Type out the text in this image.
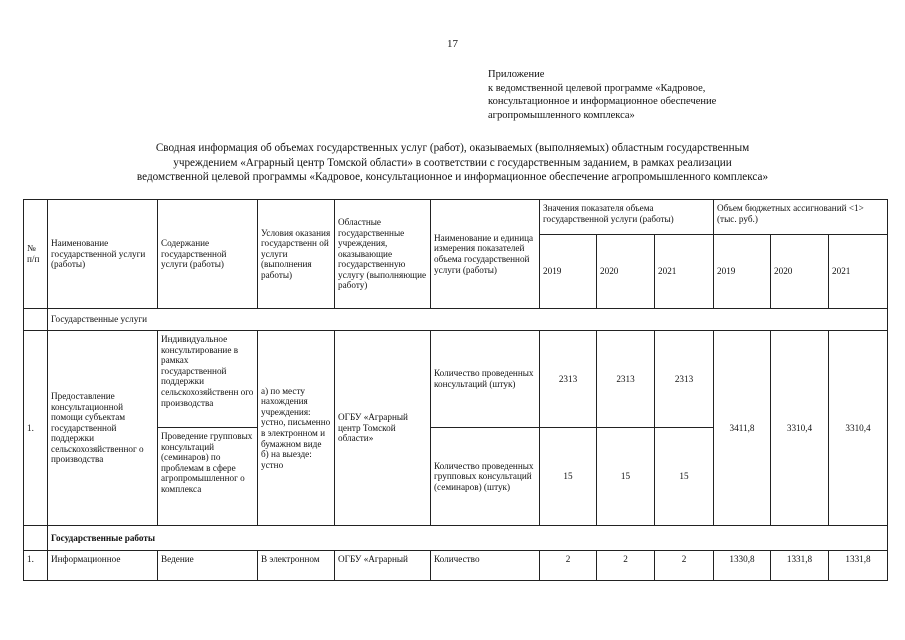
17
Приложение
к ведомственной целевой программе «Кадровое,
консультационное и информационное обеспечение
агропромышленного комплекса»
Сводная информация об объемах государственных услуг (работ), оказываемых (выполняемых) областным государственным
учреждением «Аграрный центр Томской области» в соответствии с государственным заданием, в рамках реализации
ведомственной целевой программы «Кадровое, консультационное и информационное обеспечение агропромышленного комплекса»
№ п/п	Наименование государственной услуги (работы)	Содержание государственной услуги (работы)	Условия оказания государственн ой услуги (выполнения работы)	Областные государственные учреждения, оказывающие государственную услугу (выполняющие работу)	Наименование и единица измерения показателей объема государственной услуги (работы)	Значения показателя объема государственной услуги (работы)			Объем бюджетных ассигнований <1> (тыс. руб.)		
						2019	2020	2021	2019	2020	2021
	Государственные услуги										
1.	Предоставление консультационной помощи субъектам государственной поддержки сельскохозяйственног о производства	Индивидуальное консультирование в рамках государственной поддержки сельскохозяйственн ого производства	а) по месту нахождения учреждения: устно, письменно в электронном и бумажном виде б) на выезде: устно	ОГБУ «Аграрный центр Томской области»	Количество проведенных консультаций (штук)	2313	2313	2313	3411,8	3310,4	3310,4
		Проведение групповых консультаций (семинаров) по проблемам в сфере агропромышленног о комплекса			Количество проведенных групповых консультаций (семинаров) (штук)	15	15	15			
	Государственные работы										
1.	Информационное	Ведение	В электронном	ОГБУ «Аграрный	Количество	2	2	2	1330,8	1331,8	1331,8
